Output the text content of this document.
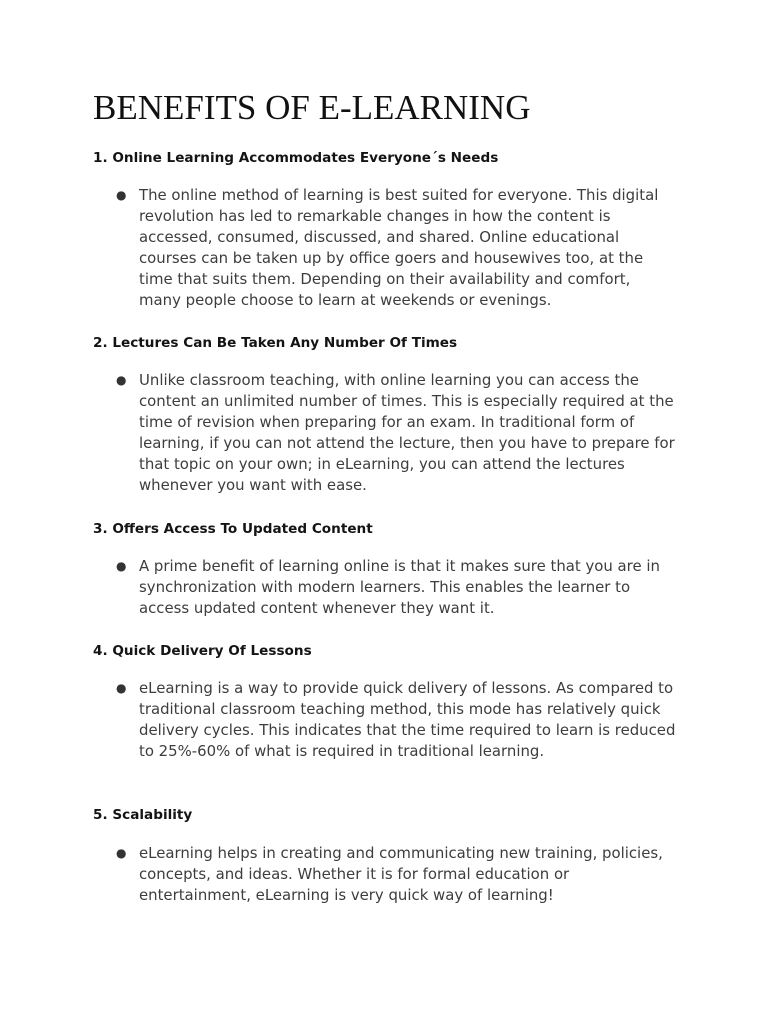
BENEFITS OF E-LEARNING
1. Online Learning Accommodates Everyone´s Needs
● The online method of learning is best suited for everyone. This digital revolution has led to remarkable changes in how the content is accessed, consumed, discussed, and shared. Online educational courses can be taken up by office goers and housewives too, at the time that suits them. Depending on their availability and comfort, many people choose to learn at weekends or evenings.
2. Lectures Can Be Taken Any Number Of Times
● Unlike classroom teaching, with online learning you can access the content an unlimited number of times. This is especially required at the time of revision when preparing for an exam. In traditional form of learning, if you can not attend the lecture, then you have to prepare for that topic on your own; in eLearning, you can attend the lectures whenever you want with ease.
3. Offers Access To Updated Content
● A prime benefit of learning online is that it makes sure that you are in synchronization with modern learners. This enables the learner to access updated content whenever they want it.
4. Quick Delivery Of Lessons
● eLearning is a way to provide quick delivery of lessons. As compared to traditional classroom teaching method, this mode has relatively quick delivery cycles. This indicates that the time required to learn is reduced to 25%-60% of what is required in traditional learning.
5. Scalability
● eLearning helps in creating and communicating new training, policies, concepts, and ideas. Whether it is for formal education or entertainment, eLearning is very quick way of learning!
